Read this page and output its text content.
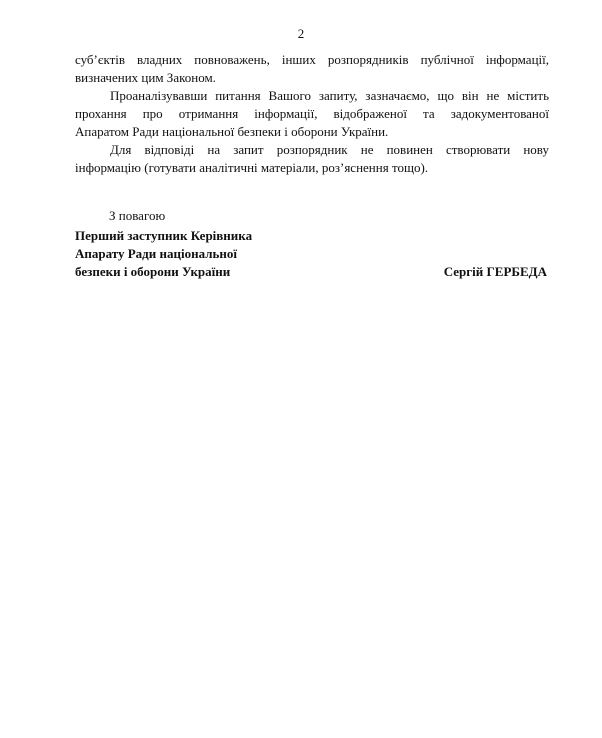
2
суб’єктів владних повноважень, інших розпорядників публічної інформації,
визначених цим Законом.
Проаналізувавши питання Вашого запиту, зазначаємо, що він не містить
прохання про отримання інформації, відображеної та задокументованої
Апаратом Ради національної безпеки і оборони України.
Для відповіді на запит розпорядник не повинен створювати нову
інформацію (готувати аналітичні матеріали, роз’яснення тощо).
З повагою
Перший заступник Керівника
Апарату Ради національної
безпеки і оборони України	Сергій ГЕРБЕДА
